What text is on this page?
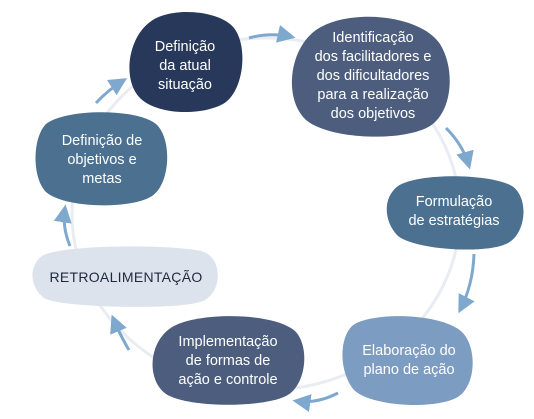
Definição
da atual
situação
Identificação
dos facilitadores e
dos dificultadores
para a realização
dos objetivos
Formulação
de estratégias
Elaboração do
plano de ação
Implementação
de formas de
ação e controle
RETROALIMENTAÇÃO
Definição de
objetivos e
metas
